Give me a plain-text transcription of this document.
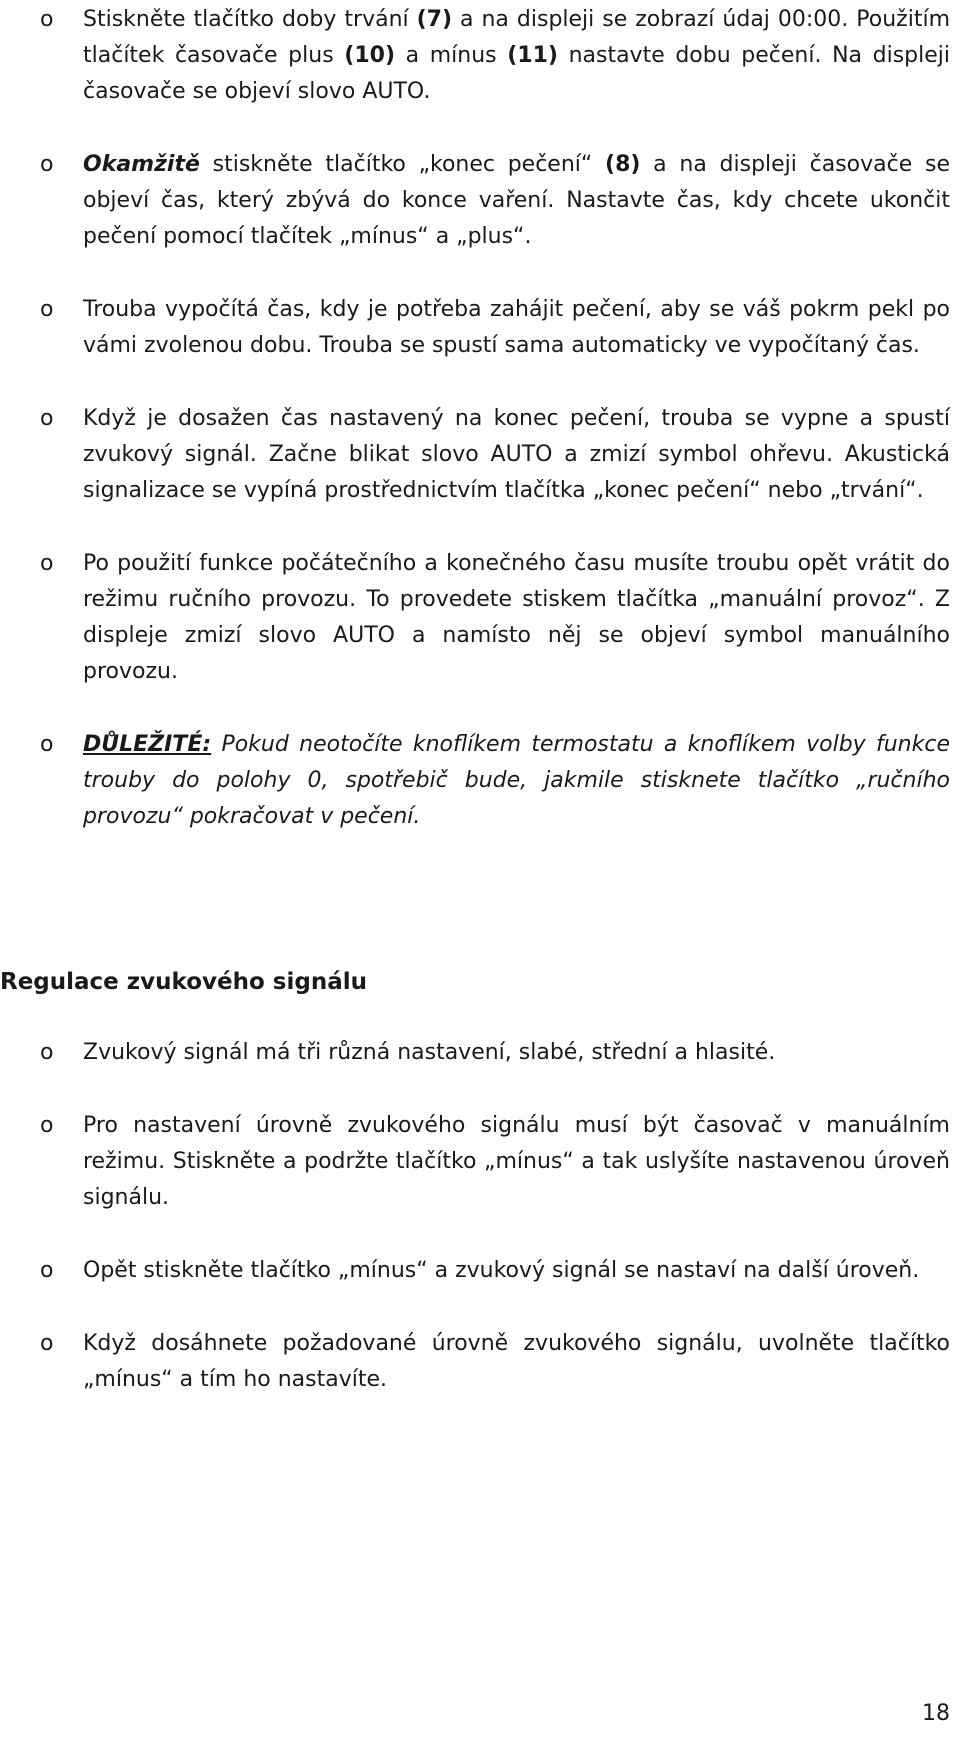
o Stiskněte tlačítko doby trvání (7) a na displeji se zobrazí údaj 00:00. Použitím tlačítek časovače plus (10) a mínus (11) nastavte dobu pečení. Na displeji časovače se objeví slovo AUTO.
o Okamžitě stiskněte tlačítko „konec pečení“ (8) a na displeji časovače se objeví čas, který zbývá do konce vaření. Nastavte čas, kdy chcete ukončit pečení pomocí tlačítek „mínus“ a „plus“.
o Trouba vypočítá čas, kdy je potřeba zahájit pečení, aby se váš pokrm pekl po vámi zvolenou dobu. Trouba se spustí sama automaticky ve vypočítaný čas.
o Když je dosažen čas nastavený na konec pečení, trouba se vypne a spustí zvukový signál. Začne blikat slovo AUTO a zmizí symbol ohřevu. Akustická signalizace se vypíná prostřednictvím tlačítka „konec pečení“ nebo „trvání“.
o Po použití funkce počátečního a konečného času musíte troubu opět vrátit do režimu ručního provozu. To provedete stiskem tlačítka „manuální provoz“. Z displeje zmizí slovo AUTO a namísto něj se objeví symbol manuálního provozu.
o DŮLEŽITÉ: Pokud neotočíte knoflíkem termostatu a knoflíkem volby funkce trouby do polohy 0, spotřebič bude, jakmile stisknete tlačítko „ručního provozu“ pokračovat v pečení.
Regulace zvukového signálu
o Zvukový signál má tři různá nastavení, slabé, střední a hlasité.
o Pro nastavení úrovně zvukového signálu musí být časovač v manuálním režimu. Stiskněte a podržte tlačítko „mínus“ a tak uslyšíte nastavenou úroveň signálu.
o Opět stiskněte tlačítko „mínus“ a zvukový signál se nastaví na další úroveň.
o Když dosáhnete požadované úrovně zvukového signálu, uvolněte tlačítko „mínus“ a tím ho nastavíte.
18
